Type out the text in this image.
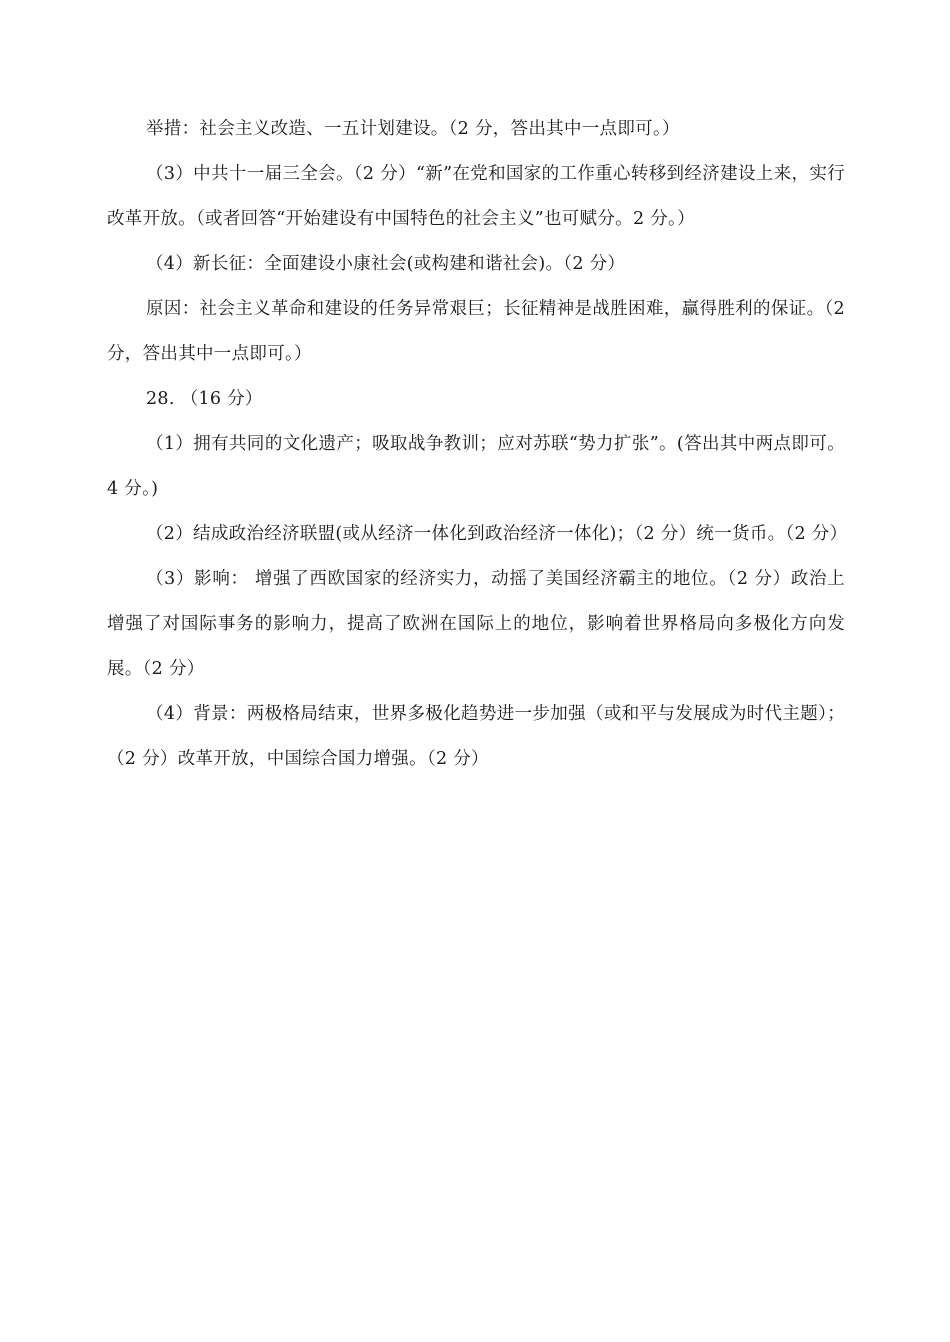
举措：社会主义改造、一五计划建设。（2 分，答出其中一点即可。）

（3）中共十一届三全会。（2 分）“新”在党和国家的工作重心转移到经济建设上来，实行改革开放。（或者回答“开始建设有中国特色的社会主义”也可赋分。2 分。）

（4）新长征：全面建设小康社会(或构建和谐社会)。（2 分）

原因：社会主义革命和建设的任务异常艰巨；长征精神是战胜困难，赢得胜利的保证。（2 分，答出其中一点即可。）

28. （16 分）

（1）拥有共同的文化遗产；吸取战争教训；应对苏联“势力扩张”。(答出其中两点即可。4 分。)

（2）结成政治经济联盟(或从经济一体化到政治经济一体化)；（2 分）统一货币。（2 分）

（3）影响： 增强了西欧国家的经济实力，动摇了美国经济霸主的地位。（2 分）政治上增强了对国际事务的影响力，提高了欧洲在国际上的地位，影响着世界格局向多极化方向发展。（2 分）

（4）背景：两极格局结束，世界多极化趋势进一步加强（或和平与发展成为时代主题）；（2 分）改革开放，中国综合国力增强。（2 分）
